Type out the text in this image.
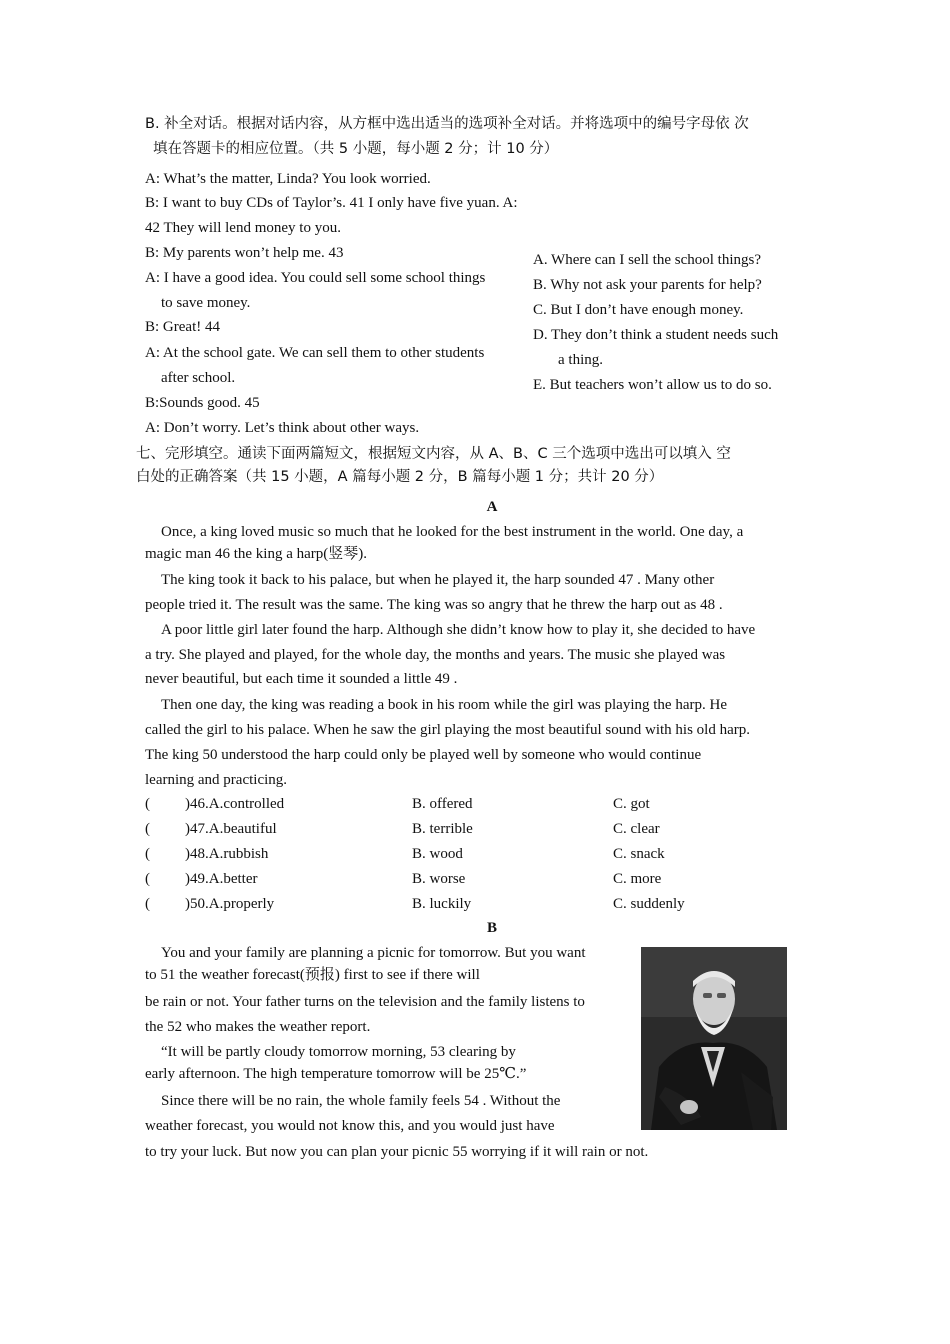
B. 补全对话。根据对话内容，从方框中选出适当的选项补全对话。并将选项中的编号字母依 次
填在答题卡的相应位置。（共 5 小题，每小题 2 分；计 10 分）
A: What’s the matter, Linda? You look worried.
B: I want to buy CDs of Taylor’s. 41 I only have five yuan. A:
42 They will lend money to you.
B: My parents won’t help me. 43
A: I have a good idea. You could sell some school things
to save money.
B: Great! 44
A: At the school gate. We can sell them to other students
after school.
B:Sounds good. 45
A: Don’t worry. Let’s think about other ways.
A. Where can I sell the school things?
B. Why not ask your parents for help?
C. But I don’t have enough money.
D. They don’t think a student needs such
a thing.
E. But teachers won’t allow us to do so.
七、完形填空。通读下面两篇短文，根据短文内容，从 A、B、C 三个选项中选出可以填入 空
白处的正确答案（共 15 小题，A 篇每小题 2 分，B 篇每小题 1 分；共计 20 分）
A
Once, a king loved music so much that he looked for the best instrument in the world. One day, a
magic man 46 the king a harp(竖琴).
The king took it back to his palace, but when he played it, the harp sounded 47 . Many other
people tried it. The result was the same. The king was so angry that he threw the harp out as 48 .
A poor little girl later found the harp. Although she didn’t know how to play it, she decided to have
a try. She played and played, for the whole day, the months and years. The music she played was
never beautiful, but each time it sounded a little 49 .
Then one day, the king was reading a book in his room while the girl was playing the harp. He
called the girl to his palace. When he saw the girl playing the most beautiful sound with his old harp.
The king 50 understood the harp could only be played well by someone who would continue
learning and practicing.
( )46.A.controlled	B. offered	C. got
( )47.A.beautiful	B. terrible	C. clear
( )48.A.rubbish	B. wood	C. snack
( )49.A.better	B. worse	C. more
( )50.A.properly	B. luckily	C. suddenly
B
You and your family are planning a picnic for tomorrow. But you want
to 51 the weather forecast(预报) first to see if there will
be rain or not. Your father turns on the television and the family listens to
the 52 who makes the weather report.
“It will be partly cloudy tomorrow morning, 53 clearing by
early afternoon. The high temperature tomorrow will be 25℃.”
Since there will be no rain, the whole family feels 54 . Without the
weather forecast, you would not know this, and you would just have
to try your luck. But now you can plan your picnic 55 worrying if it will rain or not.
